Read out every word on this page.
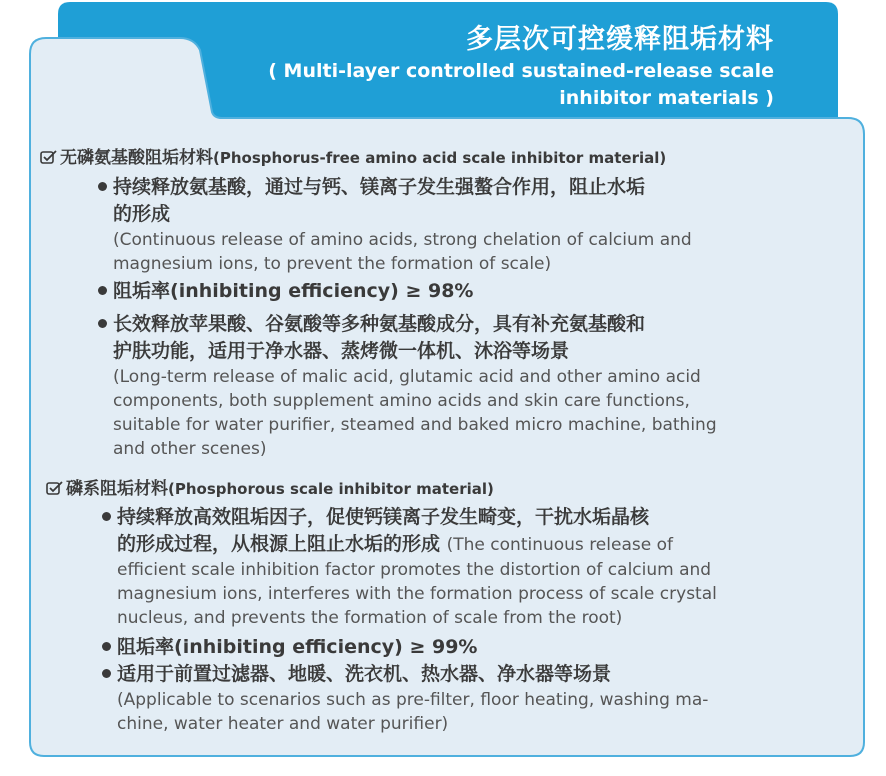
多层次可控缓释阻垢材料
( Multi-layer controlled sustained-release scale
inhibitor materials )
无磷氨基酸阻垢材料(Phosphorus-free amino acid scale inhibitor material)
持续释放氨基酸，通过与钙、镁离子发生强螯合作用，阻止水垢
的形成
(Continuous release of amino acids, strong chelation of calcium and
magnesium ions, to prevent the formation of scale)
阻垢率(inhibiting efficiency) ≥ 98%
长效释放苹果酸、谷氨酸等多种氨基酸成分，具有补充氨基酸和
护肤功能，适用于净水器、蒸烤微一体机、沐浴等场景
(Long-term release of malic acid, glutamic acid and other amino acid
components, both supplement amino acids and skin care functions,
suitable for water purifier, steamed and baked micro machine, bathing
and other scenes)
磷系阻垢材料(Phosphorous scale inhibitor material)
持续释放高效阻垢因子，促使钙镁离子发生畸变，干扰水垢晶核
的形成过程，从根源上阻止水垢的形成 (The continuous release of
efficient scale inhibition factor promotes the distortion of calcium and
magnesium ions, interferes with the formation process of scale crystal
nucleus, and prevents the formation of scale from the root)
阻垢率(inhibiting efficiency) ≥ 99%
适用于前置过滤器、地暖、洗衣机、热水器、净水器等场景
(Applicable to scenarios such as pre-filter, floor heating, washing ma-
chine, water heater and water purifier)
